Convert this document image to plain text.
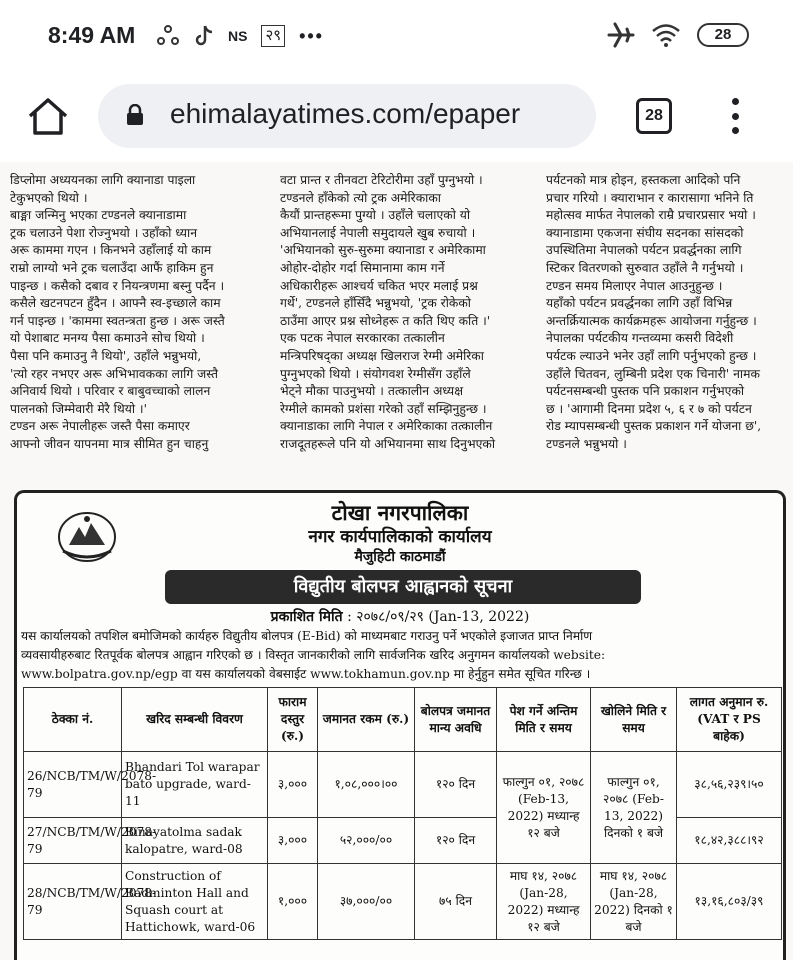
8:49 AM	NS २९ •••	28
ehimalayatimes.com/epaper	28

डिप्लोमा अध्ययनका लागि क्यानाडा पाइला

टेकुभएको थियो ।

बाङ्मा जन्मिनु भएका टण्डनले क्यानाडामा

ट्रक चलाउने पेशा रोज्नुभयो । उहाँको ध्यान

अरू काममा गएन । किनभने उहाँलाई यो काम

राम्रो लाग्यो भने ट्रक चलाउँदा आफैं हाकिम हुन

पाइन्छ । कसैको दबाव र नियन्त्रणमा बस्नु पर्दैन ।

कसैले खटनपटन हुँदैन । आफ्नै स्व-इच्छाले काम

गर्न पाइन्छ । 'काममा स्वतन्त्रता हुन्छ । अरू जस्तै

यो पेशाबाट मनग्य पैसा कमाउने सोच थियो ।

पैसा पनि कमाउनु नै थियो', उहाँले भन्नुभयो,

'त्यो रहर नभएर अरू अभिभावकका लागि जस्तै

अनिवार्य थियो । परिवार र बाबुवच्चाको लालन

पालनको जिम्मेवारी मेरै थियो ।'

टण्डन अरू नेपालीहरू जस्तै पैसा कमाएर

आफ्नो जीवन यापनमा मात्र सीमित हुन चाहनु

वटा प्रान्त र तीनवटा टेरिटोरीमा उहाँ पुग्नुभयो ।

टण्डनले हाँकेको त्यो ट्रक अमेरिकाका

कैयौं प्रान्तहरूमा पुग्यो । उहाँले चलाएको यो

अभियानलाई नेपाली समुदायले खुब रुचायो ।

'अभियानको सुरु-सुरुमा क्यानाडा र अमेरिकामा

ओहोर-दोहोर गर्दा सिमानामा काम गर्ने

अधिकारीहरू आश्चर्य चकित भएर मलाई प्रश्न

गर्थे', टण्डनले हाँसिँदै भन्नुभयो, 'ट्रक रोकेको

ठाउँमा आएर प्रश्न सोध्नेहरू त कति थिए कति ।'

एक पटक नेपाल सरकारका तत्कालीन

मन्त्रिपरिषद्का अध्यक्ष खिलराज रेग्मी अमेरिका

पुग्नुभएको थियो । संयोगवश रेग्मीसँग उहाँले

भेट्ने मौका पाउनुभयो । तत्कालीन अध्यक्ष

रेग्मीले कामको प्रशंसा गरेको उहाँ सम्झिनुहुन्छ ।

क्यानाडाका लागि नेपाल र अमेरिकाका तत्कालीन

राजदूतहरूले पनि यो अभियानमा साथ दिनुभएको

पर्यटनको मात्र होइन, हस्तकला आदिको पनि

प्रचार गरियो । क्याराभान र कारासागा भनिने ति

महोत्सव मार्फत नेपालको राम्रै प्रचारप्रसार भयो ।

क्यानाडामा एकजना संघीय सदनका सांसदको

उपस्थितिमा नेपालको पर्यटन प्रवर्द्धनका लागि

स्टिकर वितरणको सुरुवात उहाँले नै गर्नुभयो ।

टण्डन समय मिलाएर नेपाल आउनुहुन्छ ।

यहाँको पर्यटन प्रवर्द्धनका लागि उहाँ विभिन्न

अन्तर्क्रियात्मक कार्यक्रमहरू आयोजना गर्नुहुन्छ ।

नेपालका पर्यटकीय गन्तव्यमा कसरी विदेशी

पर्यटक ल्याउने भनेर उहाँ लागि पर्नुभएको हुन्छ ।

उहाँले चितवन, लुम्बिनी प्रदेश एक चिनारी' नामक

पर्यटनसम्बन्धी पुस्तक पनि प्रकाशन गर्नुभएको

छ । 'आगामी दिनमा प्रदेश ५, ६ र ७ को पर्यटन

रोड म्यापसम्बन्धी पुस्तक प्रकाशन गर्ने योजना छ',

टण्डनले भन्नुभयो ।

टोखा नगरपालिका
नगर कार्यपालिकाको कार्यालय
मैजुहिटी काठमाडौं
विद्युतीय बोलपत्र आह्वानको सूचना
प्रकाशित मिति : २०७८/०९/२९ (Jan-13, 2022)

यस कार्यालयको तपशिल बमोजिमको कार्यहरु विद्युतीय बोलपत्र (E-Bid) को माध्यमबाट गराउनु पर्ने भएकोले इजाजत प्राप्त निर्माण

व्यवसायीहरुबाट रितपूर्वक बोलपत्र आह्वान गरिएको छ । विस्तृत जानकारीको लागि सार्वजनिक खरिद अनुगमन कार्यालयको website:

www.bolpatra.gov.np/egp वा यस कार्यालयको वेबसाईट www.tokhamun.gov.np मा हेर्नुहुन समेत सूचित गरिन्छ ।

ठेक्का नं.	खरिद सम्बन्धी विवरण	फाराम दस्तुर (रु.)	जमानत रकम (रु.)	बोलपत्र जमानत मान्य अवधि	पेश गर्ने अन्तिम मिति र समय	खोलिने मिति र समय	लागत अनुमान रु. (VAT र PS बाहेक)
26/NCB/TM/W/2078-79	Bhandari Tol warapar bato upgrade, ward-11	३,०००	१,०८,०००।००	१२० दिन	फाल्गुन ०१, २०७८ (Feb-13, 2022) मध्यान्ह १२ बजे	फाल्गुन ०१, २०७८ (Feb-13, 2022) दिनको १ बजे	३८,५६,२३९।५०
27/NCB/TM/W/2078-79	Binayatolma sadak kalopatre, ward-08	३,०००	५२,०००/००	१२० दिन			१८,४२,३८८।९२
28/NCB/TM/W/2078-79	Construction of Badminton Hall and Squash court at Hattichowk, ward-06	१,०००	३७,०००/००	७५ दिन	माघ १४, २०७८ (Jan-28, 2022) मध्यान्ह १२ बजे	माघ १४, २०७८ (Jan-28, 2022) दिनको १ बजे	१३,१६,८०३/३९
